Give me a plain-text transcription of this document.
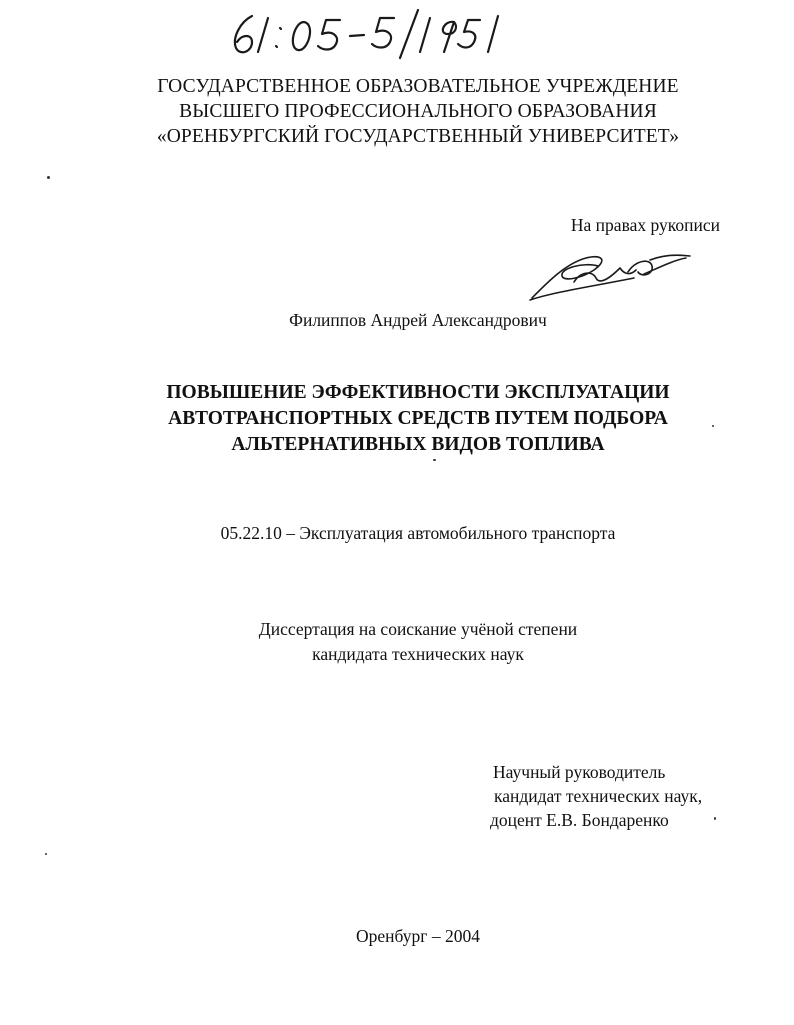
ГОСУДАРСТВЕННОЕ ОБРАЗОВАТЕЛЬНОЕ УЧРЕЖДЕНИЕ
ВЫСШЕГО ПРОФЕССИОНАЛЬНОГО ОБРАЗОВАНИЯ
«ОРЕНБУРГСКИЙ ГОСУДАРСТВЕННЫЙ УНИВЕРСИТЕТ»
На правах рукописи
Филиппов Андрей Александрович
ПОВЫШЕНИЕ ЭФФЕКТИВНОСТИ ЭКСПЛУАТАЦИИ
АВТОТРАНСПОРТНЫХ СРЕДСТВ ПУТЕМ ПОДБОРА
АЛЬТЕРНАТИВНЫХ ВИДОВ ТОПЛИВА
05.22.10 – Эксплуатация автомобильного транспорта
Диссертация на соискание учёной степени
кандидата технических наук
Научный руководитель
кандидат технических наук,
доцент Е.В. Бондаренко
Оренбург – 2004
